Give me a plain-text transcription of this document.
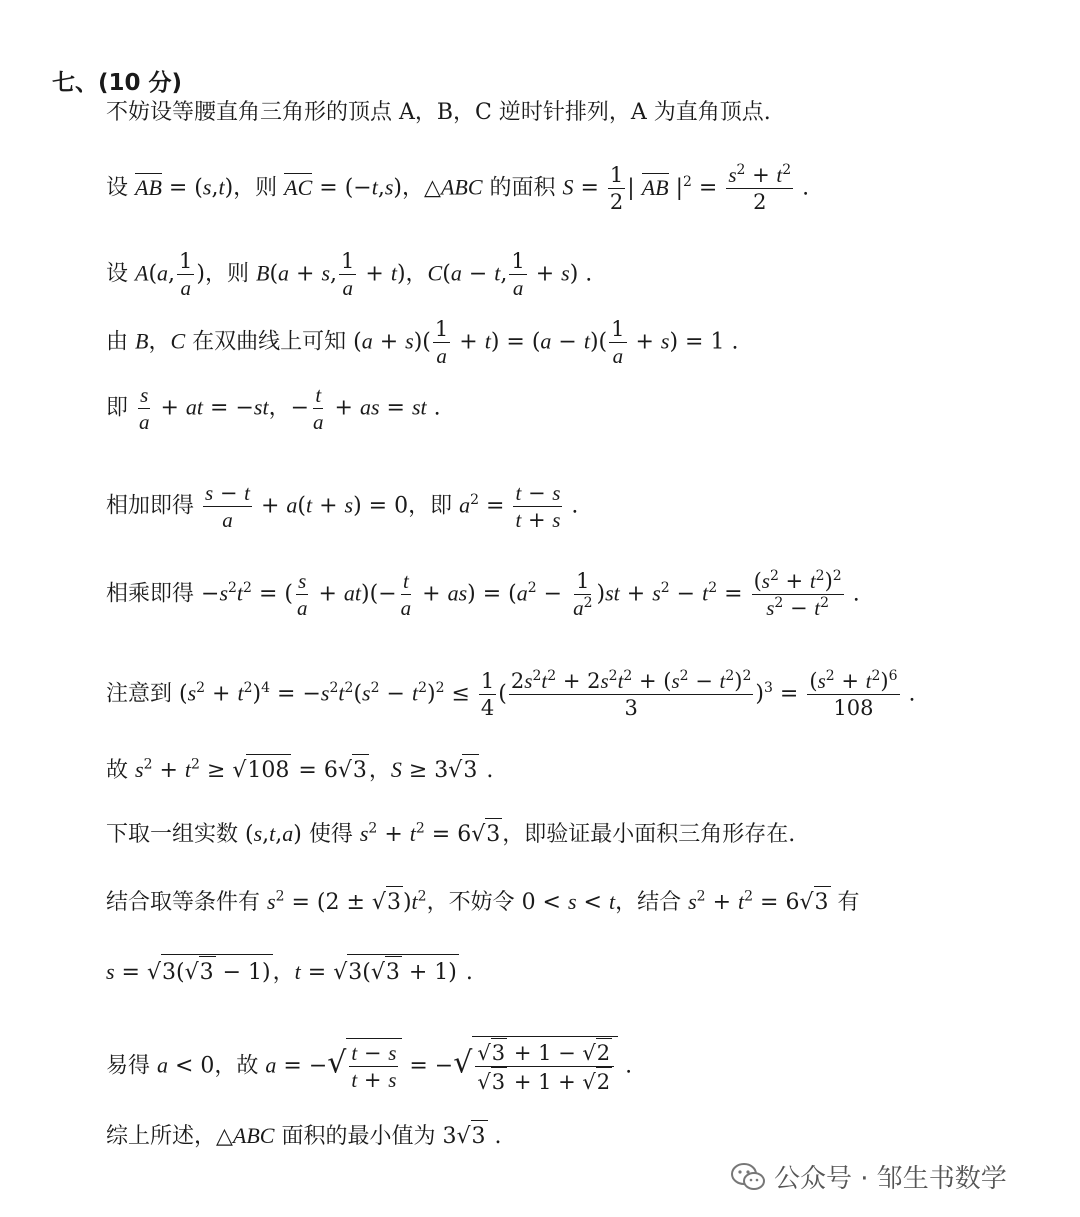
七、(10 分)
不妨设等腰直角三角形的顶点 A，B，C 逆时针排列，A 为直角顶点.
设 AB = (s,t)，则 AC = (−t,s)，△ABC 的面积 $S = \frac{1}{2}$ | AB $|^2 = \frac{s^2 + t^2}{2}$ .
设 A(a, $\frac{1}{a}$ )，则 B(a + s, $\frac{1}{a} + t$)，C(a − t, $\frac{1}{a} + s$) .
由 B，C 在双曲线上可知 $(a + s)( \frac{1}{a} + t) = (a - t)( \frac{1}{a} + s) = 1$ .
即 $\frac{s}{a}$ + at = −st，− $\frac{t}{a}$ + as = st .
相加即得 $\frac{s - t}{a} + a(t + s) = 0$，即 $a^2 = \frac{t - s}{t + s}$ .
相乘即得 $-s^2t^2$ = ( $\frac{s}{a} + at)(- \frac{t}{a} + as) = (a^2 - \frac{1}{a^2} )st + s^2 - t^2 = \frac{(s^2 + t^2)^2}{s^2 - t^2}$ .
注意到 $(s^2 + t^2)^4 = -s^2t^2(s^2 - t^2)^2 \le \frac{1}{4}$ ( $\frac{2s^2t^2 + 2s^2t^2 + (s^2 - t^2)^2}{3} )^3 = \frac{(s^2 + t^2)^6}{108}$ .
故 $s^2 + t^2 \ge √108 = 6√3$，S ≥ 3√3 .
下取一组实数 (s,t,a) 使得 $s^2 + t^2 = 6√3$，即验证最小面积三角形存在.
结合取等条件有 $s^2 = (2 \pm √3)t^2$，不妨令 0 < s < t，结合 $s^2 + t^2 = 6√3$ 有
s = √3(√3 − 1)，t = √3(√3 + 1) .
易得 a < 0，故 a = −√ $\frac{t - s}{t + s}$ = −√ $\frac{√3 + 1 - √2}{√3 + 1 + √2}$ .
综上所述，△ABC 面积的最小值为 3√3 .
公众号 · 邹生书数学
